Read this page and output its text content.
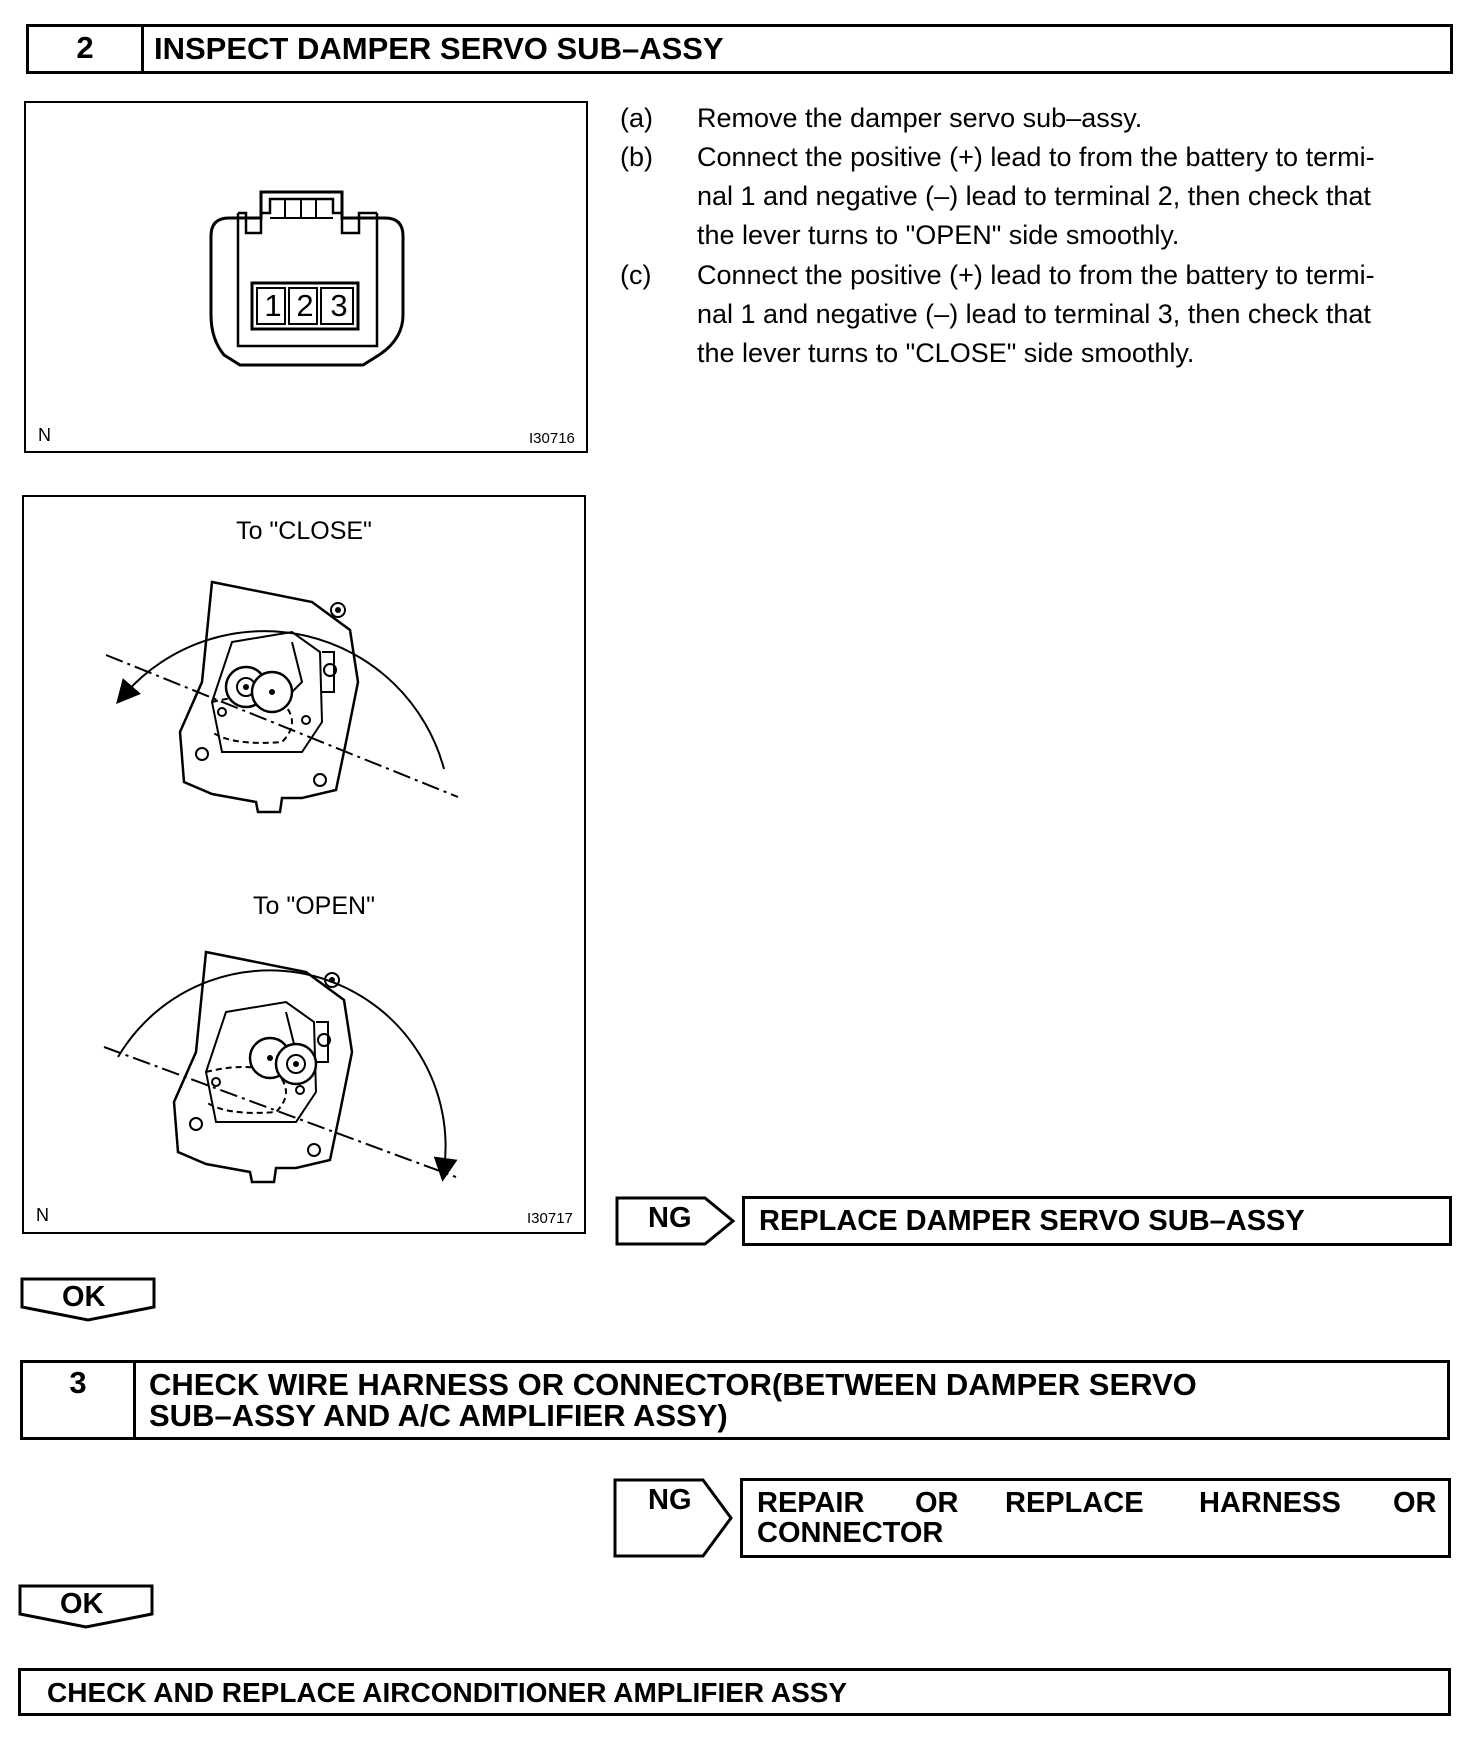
2 INSPECT DAMPER SERVO SUB–ASSY
1 2 3
N	I30716
(a) Remove the damper servo sub–assy.
(b) Connect the positive (+) lead to from the battery to termi-
nal 1 and negative (–) lead to terminal 2, then check that
the lever turns to "OPEN" side smoothly.
(c) Connect the positive (+) lead to from the battery to termi-
nal 1 and negative (–) lead to terminal 3, then check that
the lever turns to "CLOSE" side smoothly.
To "CLOSE"
To "OPEN"
N	I30717	NG REPLACE DAMPER SERVO SUB–ASSY
OK
3 CHECK WIRE HARNESS OR CONNECTOR(BETWEEN DAMPER SERVO
SUB–ASSY AND A/C AMPLIFIER ASSY)
NG REPAIR OR REPLACE HARNESS OR
CONNECTOR
OK
CHECK AND REPLACE AIRCONDITIONER AMPLIFIER ASSY
